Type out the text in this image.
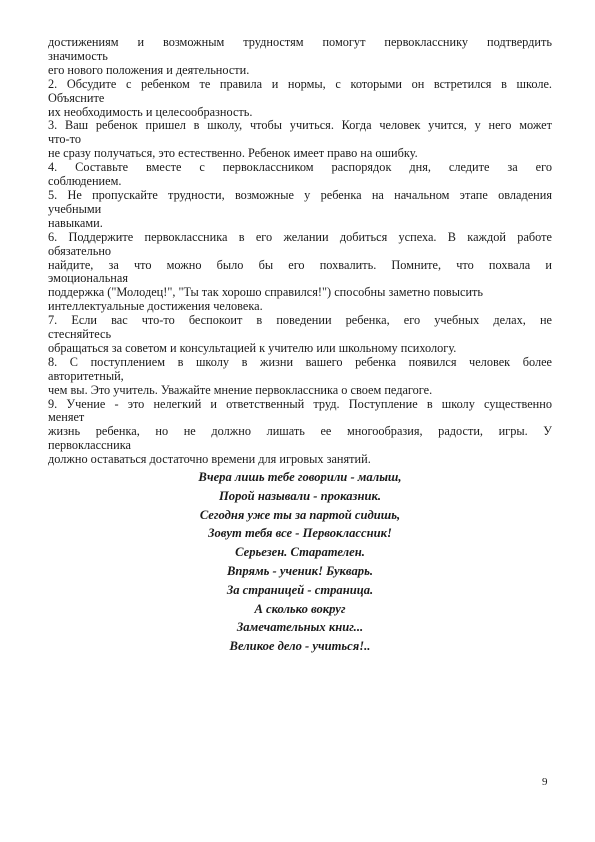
достижениям и возможным трудностям помогут первокласснику подтвердить
значимость
его нового положения и деятельности.
2. Обсудите с ребенком те правила и нормы, с которыми он встретился в школе.
Объясните
их необходимость и целесообразность.
3. Ваш ребенок пришел в школу, чтобы учиться. Когда человек учится, у него может
что-то
не сразу получаться, это естественно. Ребенок имеет право на ошибку.
4. Составьте вместе с первоклассником распорядок дня, следите за его
соблюдением.
5. Не пропускайте трудности, возможные у ребенка на начальном этапе овладения
учебными
навыками.
6. Поддержите первоклассника в его желании добиться успеха. В каждой работе
обязательно
найдите, за что можно было бы его похвалить. Помните, что похвала и
эмоциональная
поддержка ("Молодец!", "Ты так хорошо справился!") способны заметно повысить
интеллектуальные достижения человека.
7. Если вас что-то беспокоит в поведении ребенка, его учебных делах, не
стесняйтесь
обращаться за советом и консультацией к учителю или школьному психологу.
8. С поступлением в школу в жизни вашего ребенка появился человек более
авторитетный,
чем вы. Это учитель. Уважайте мнение первоклассника о своем педагоге.
9. Учение - это нелегкий и ответственный труд. Поступление в школу существенно
меняет
жизнь ребенка, но не должно лишать ее многообразия, радости, игры. У
первоклассника
должно оставаться достаточно времени для игровых занятий.
Вчера лишь тебе говорили - малыш,
Порой называли - проказник.
Сегодня уже ты за партой сидишь,
Зовут тебя все - Первоклассник!
Серьезен. Старателен.
Впрямь - ученик! Букварь.
За страницей - страница.
А сколько вокруг
Замечательных книг...
Великое дело - учиться!..
9
